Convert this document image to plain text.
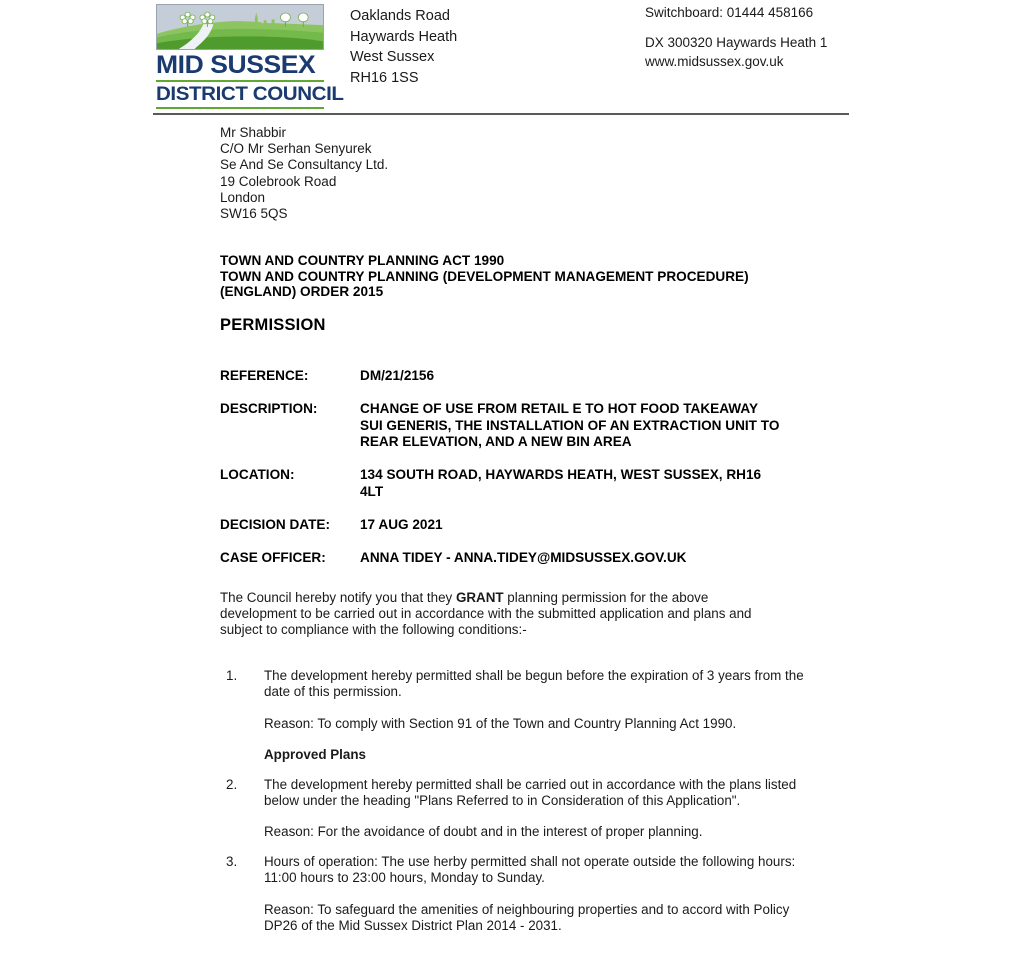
MID SUSSEX
DISTRICT COUNCIL
Oaklands Road
Haywards Heath
West Sussex
RH16 1SS
Switchboard: 01444 458166
DX 300320 Haywards Heath 1
www.midsussex.gov.uk
Mr Shabbir
C/O Mr Serhan Senyurek
Se And Se Consultancy Ltd.
19 Colebrook Road
London
SW16 5QS
TOWN AND COUNTRY PLANNING ACT 1990
TOWN AND COUNTRY PLANNING (DEVELOPMENT MANAGEMENT PROCEDURE)
(ENGLAND) ORDER 2015
PERMISSION
REFERENCE:	DM/21/2156
DESCRIPTION:	CHANGE OF USE FROM RETAIL E TO HOT FOOD TAKEAWAY SUI GENERIS, THE INSTALLATION OF AN EXTRACTION UNIT TO REAR ELEVATION, AND A NEW BIN AREA
LOCATION:	134 SOUTH ROAD, HAYWARDS HEATH, WEST SUSSEX, RH16 4LT
DECISION DATE:	17 AUG 2021
CASE OFFICER:	ANNA TIDEY - ANNA.TIDEY@MIDSUSSEX.GOV.UK
The Council hereby notify you that they GRANT planning permission for the above development to be carried out in accordance with the submitted application and plans and subject to compliance with the following conditions:-
1.	The development hereby permitted shall be begun before the expiration of 3 years from the date of this permission.

Reason: To comply with Section 91 of the Town and Country Planning Act 1990.

Approved Plans

2.	The development hereby permitted shall be carried out in accordance with the plans listed below under the heading "Plans Referred to in Consideration of this Application".

Reason: For the avoidance of doubt and in the interest of proper planning.

3.	Hours of operation: The use herby permitted shall not operate outside the following hours:
11:00 hours to 23:00 hours, Monday to Sunday.

Reason: To safeguard the amenities of neighbouring properties and to accord with Policy DP26 of the Mid Sussex District Plan 2014 - 2031.
